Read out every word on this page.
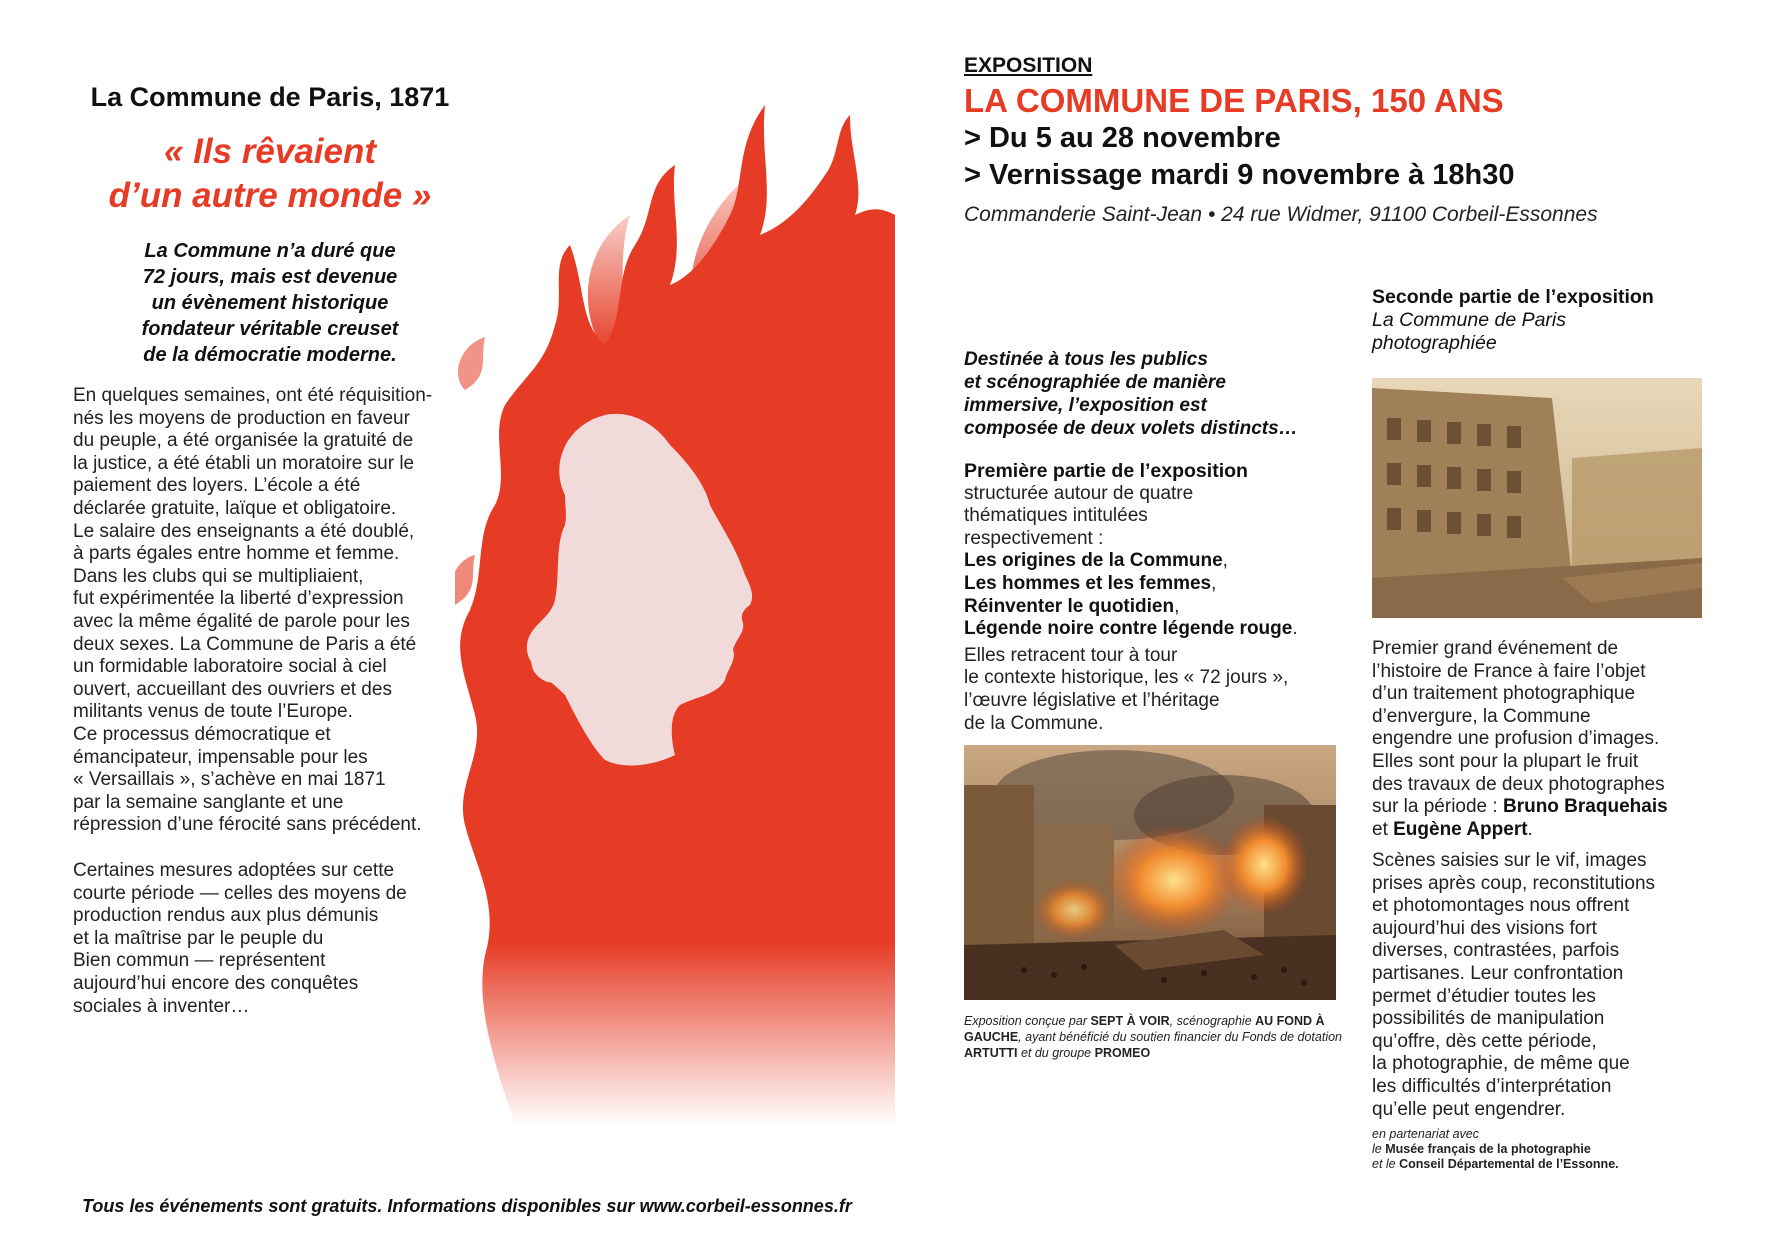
La Commune de Paris, 1871
« Ils rêvaient
d’un autre monde »
La Commune n’a duré que
72 jours, mais est devenue
un évènement historique
fondateur véritable creuset
de la démocratie moderne.
En quelques semaines, ont été réquisition-
nés les moyens de production en faveur
du peuple, a été organisée la gratuité de
la justice, a été établi un moratoire sur le
paiement des loyers. L’école a été
déclarée gratuite, laïque et obligatoire.
Le salaire des enseignants a été doublé,
à parts égales entre homme et femme.
Dans les clubs qui se multipliaient,
fut expérimentée la liberté d’expression
avec la même égalité de parole pour les
deux sexes. La Commune de Paris a été
un formidable laboratoire social à ciel
ouvert, accueillant des ouvriers et des
militants venus de toute l’Europe.
Ce processus démocratique et
émancipateur, impensable pour les
« Versaillais », s’achève en mai 1871
par la semaine sanglante et une
répression d’une férocité sans précédent.
Certaines mesures adoptées sur cette
courte période — celles des moyens de
production rendus aux plus démunis
et la maîtrise par le peuple du
Bien commun — représentent
aujourd’hui encore des conquêtes
sociales à inventer…
EXPOSITION
LA COMMUNE DE PARIS, 150 ANS
> Du 5 au 28 novembre
> Vernissage mardi 9 novembre à 18h30
Commanderie Saint-Jean • 24 rue Widmer, 91100 Corbeil-Essonnes
Destinée à tous les publics
et scénographiée de manière
immersive, l’exposition est
composée de deux volets distincts…
Première partie de l’exposition
structurée autour de quatre
thématiques intitulées
respectivement :
Les origines de la Commune,
Les hommes et les femmes,
Réinventer le quotidien,
Légende noire contre légende rouge.
Elles retracent tour à tour
le contexte historique, les « 72 jours »,
l’œuvre législative et l’héritage
de la Commune.
Exposition conçue par SEPT À VOIR, scénographie AU FOND À GAUCHE, ayant bénéficié du soutien financier du Fonds de dotation ARTUTTI et du groupe PROMEO
Seconde partie de l’exposition
La Commune de Paris
photographiée
Premier grand événement de
l’histoire de France à faire l’objet
d’un traitement photographique
d’envergure, la Commune
engendre une profusion d’images.
Elles sont pour la plupart le fruit
des travaux de deux photographes
sur la période : Bruno Braquehais
et Eugène Appert.
Scènes saisies sur le vif, images
prises après coup, reconstitutions
et photomontages nous offrent
aujourd’hui des visions fort
diverses, contrastées, parfois
partisanes. Leur confrontation
permet d’étudier toutes les
possibilités de manipulation
qu’offre, dès cette période,
la photographie, de même que
les difficultés d’interprétation
qu’elle peut engendrer.
en partenariat avec
le Musée français de la photographie
et le Conseil Départemental de l’Essonne.
Tous les événements sont gratuits. Informations disponibles sur www.corbeil-essonnes.fr
